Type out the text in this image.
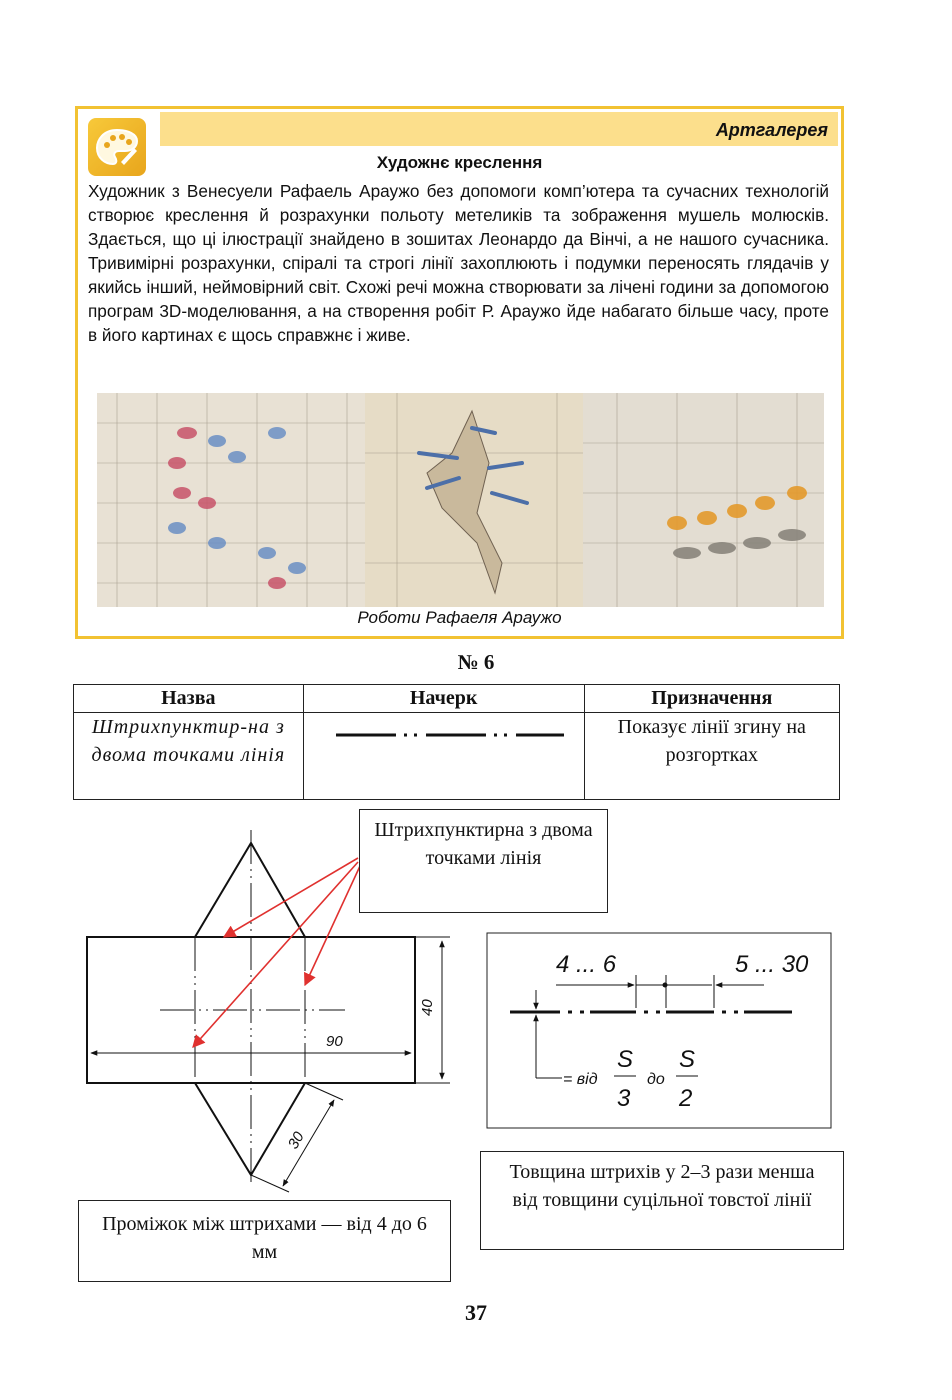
Артгалерея
Художнє креслення
Художник з Венесуели Рафаель Араужо без допомоги комп’ютера та сучасних технологій створює креслення й розрахунки польоту метеликів та зображення мушель молюсків. Здається, що ці ілюстрації знайдено в зошитах Леонардо да Вінчі, а не нашого сучасника. Тривимірні розрахунки, спіралі та строгі лінії захоплюють і подумки переносять глядачів у якийсь інший, неймовірний світ. Схожі речі можна створювати за лічені години за допомогою програм 3D-моделювання, а на створення робіт Р. Араужо йде набагато більше часу, проте в його картинах є щось справжнє і живе.
Роботи Рафаеля Араужо
№ 6
Назва	Начерк	Призначення
Штрихпунктир-на з двома точками лінія		Показує лінії згину на розгортках
90
40
30
4 ... 6	5 ... 30
= від
S
3
до
S
2
Штрихпунктирна з двома точками лінія
Проміжок між штрихами — від 4 до 6 мм
Товщина штрихів у 2–3 рази менша від товщини суцільної товстої лінії
37
